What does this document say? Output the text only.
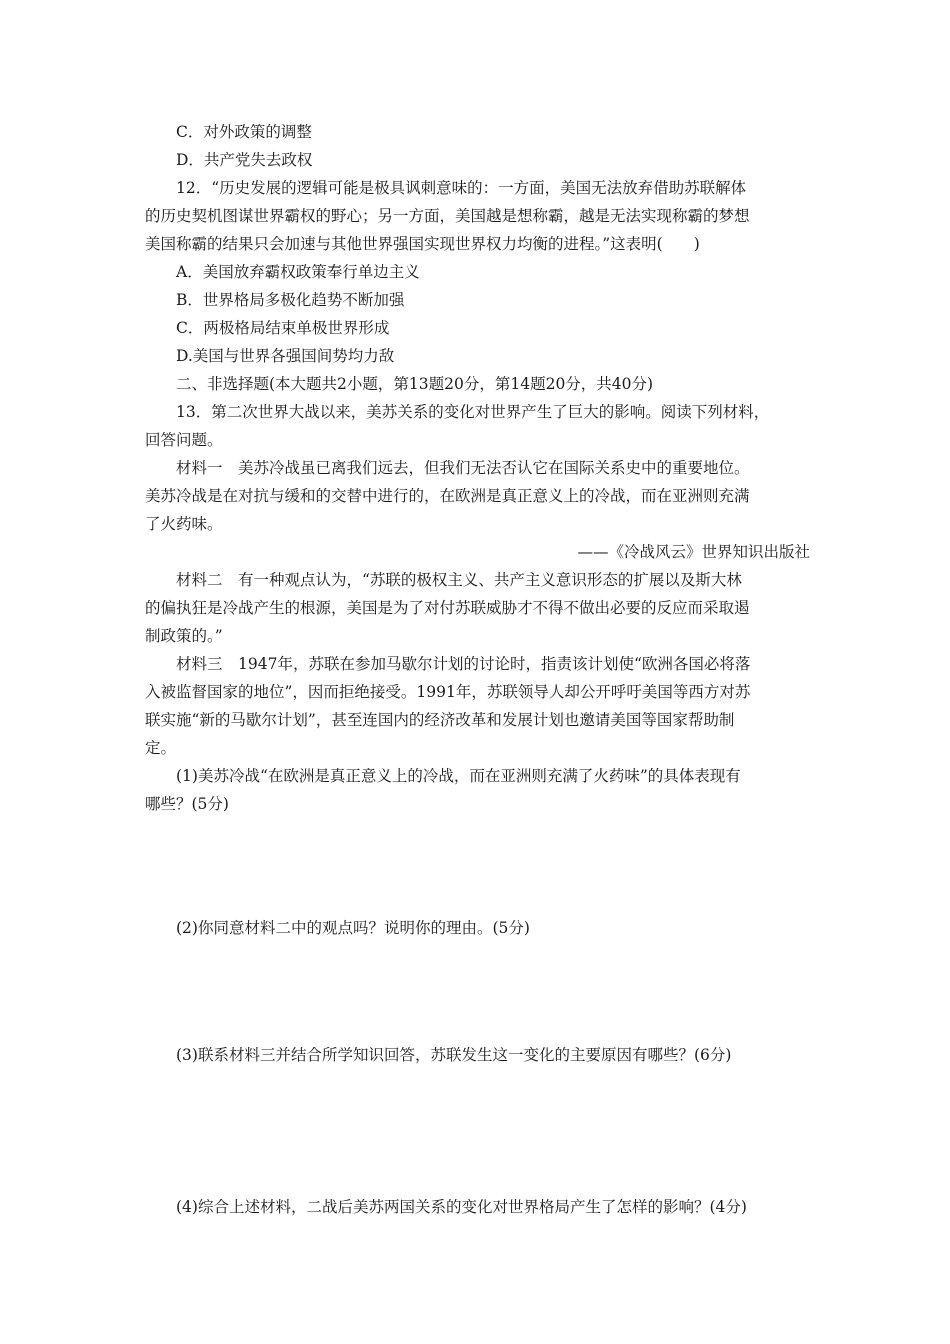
C．对外政策的调整
D．共产党失去政权
12．“历史发展的逻辑可能是极具讽刺意味的：一方面，美国无法放弃借助苏联解体
的历史契机图谋世界霸权的野心；另一方面，美国越是想称霸，越是无法实现称霸的梦想
美国称霸的结果只会加速与其他世界强国实现世界权力均衡的进程。”这表明(　　)
A．美国放弃霸权政策奉行单边主义
B．世界格局多极化趋势不断加强
C．两极格局结束单极世界形成
D.美国与世界各强国间势均力敌
二、非选择题(本大题共2小题，第13题20分，第14题20分，共40分)
13．第二次世界大战以来，美苏关系的变化对世界产生了巨大的影响。阅读下列材料，
回答问题。
材料一　美苏冷战虽已离我们远去，但我们无法否认它在国际关系史中的重要地位。
美苏冷战是在对抗与缓和的交替中进行的，在欧洲是真正意义上的冷战，而在亚洲则充满
了火药味。
——《冷战风云》世界知识出版社
材料二　有一种观点认为，“苏联的极权主义、共产主义意识形态的扩展以及斯大林
的偏执狂是冷战产生的根源，美国是为了对付苏联威胁才不得不做出必要的反应而采取遏
制政策的。”
材料三　1947年，苏联在参加马歇尔计划的讨论时，指责该计划使“欧洲各国必将落
入被监督国家的地位”，因而拒绝接受。1991年，苏联领导人却公开呼吁美国等西方对苏
联实施“新的马歇尔计划”，甚至连国内的经济改革和发展计划也邀请美国等国家帮助制
定。
(1)美苏冷战“在欧洲是真正意义上的冷战，而在亚洲则充满了火药味”的具体表现有
哪些？(5分)
(2)你同意材料二中的观点吗？说明你的理由。(5分)
(3)联系材料三并结合所学知识回答，苏联发生这一变化的主要原因有哪些？(6分)
(4)综合上述材料，二战后美苏两国关系的变化对世界格局产生了怎样的影响？(4分)
